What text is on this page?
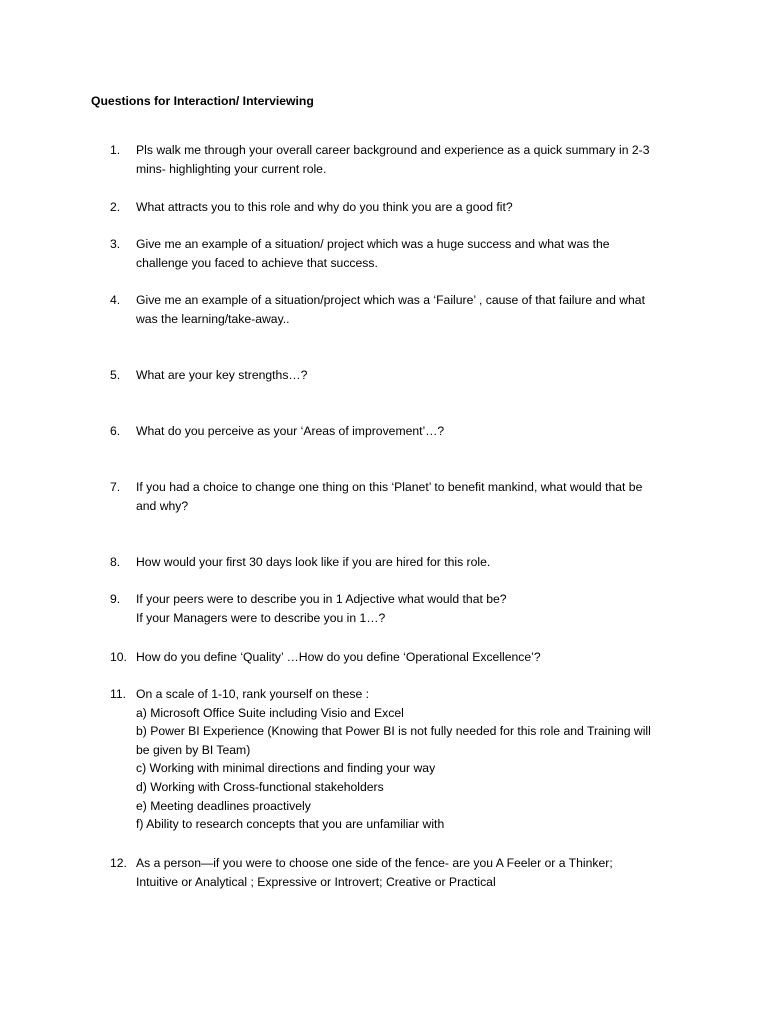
Questions for Interaction/ Interviewing
1.	Pls walk me through your overall career background and experience as a quick summary in 2-3
mins- highlighting your current role.
2.	What attracts you to this role and why do you think you are a good fit?
3.	Give me an example of a situation/ project which was a huge success and what was the
challenge you faced to achieve that success.
4.	Give me an example of a situation/project which was a ‘Failure’ , cause of that failure and what
was the learning/take-away..
5.	What are your key strengths…?
6.	What do you perceive as your ‘Areas of improvement’…?
7.	If you had a choice to change one thing on this ‘Planet’ to benefit mankind, what would that be
and why?
8.	How would your first 30 days look like if you are hired for this role.
9.	If your peers were to describe you in 1 Adjective what would that be?
If your Managers were to describe you in 1…?
10. How do you define ‘Quality’ …How do you define ‘Operational Excellence’?
11. On a scale of 1-10, rank yourself on these :
a) Microsoft Office Suite including Visio and Excel
b) Power BI Experience (Knowing that Power BI is not fully needed for this role and Training will
be given by BI Team)
c) Working with minimal directions and finding your way
d) Working with Cross-functional stakeholders
e) Meeting deadlines proactively
f) Ability to research concepts that you are unfamiliar with
12. As a person—if you were to choose one side of the fence- are you A Feeler or a Thinker;
Intuitive or Analytical ; Expressive or Introvert; Creative or Practical
